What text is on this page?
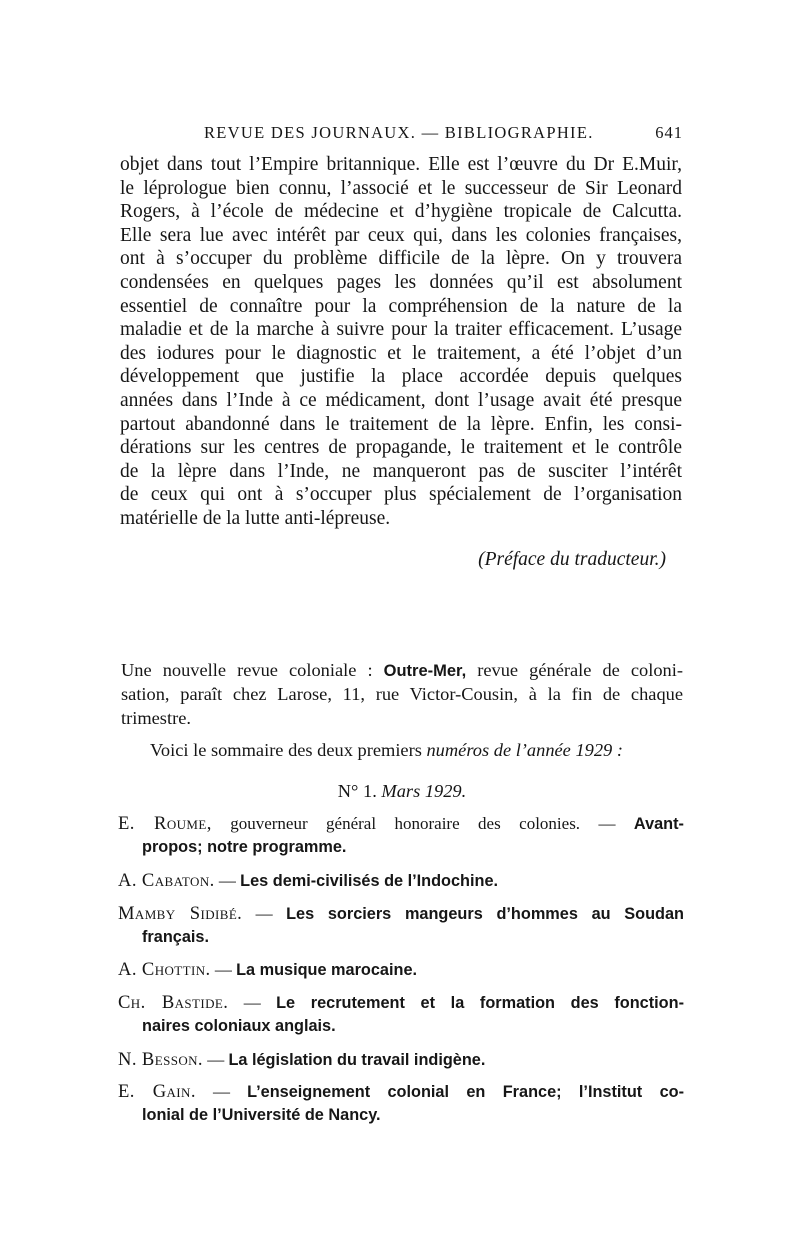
REVUE DES JOURNAUX. — BIBLIOGRAPHIE.	641
objet dans tout l’Empire britannique. Elle est l’œuvre du Dr E.Muir,
le léprologue bien connu, l’associé et le successeur de Sir Leonard
Rogers, à l’école de médecine et d’hygiène tropicale de Calcutta.
Elle sera lue avec intérêt par ceux qui, dans les colonies françaises,
ont à s’occuper du problème difficile de la lèpre. On y trouvera
condensées en quelques pages les données qu’il est absolument
essentiel de connaître pour la compréhension de la nature de la
maladie et de la marche à suivre pour la traiter efficacement. L’usage
des iodures pour le diagnostic et le traitement, a été l’objet d’un
développement que justifie la place accordée depuis quelques
années dans l’Inde à ce médicament, dont l’usage avait été presque
partout abandonné dans le traitement de la lèpre. Enfin, les consi-
dérations sur les centres de propagande, le traitement et le contrôle
de la lèpre dans l’Inde, ne manqueront pas de susciter l’intérêt
de ceux qui ont à s’occuper plus spécialement de l’organisation
matérielle de la lutte anti-lépreuse.
(Préface du traducteur.)
Une nouvelle revue coloniale : Outre-Mer, revue générale de coloni-
sation, paraît chez Larose, 11, rue Victor-Cousin, à la fin de chaque
trimestre.
Voici le sommaire des deux premiers numéros de l’année 1929 :
N° 1. Mars 1929.
E. Roume, gouverneur général honoraire des colonies. — Avant-
propos; notre programme.
A. Cabaton. — Les demi-civilisés de l’Indochine.
Mamby Sidibé. — Les sorciers mangeurs d’hommes au Soudan
français.
A. Chottin. — La musique marocaine.
Ch. Bastide. — Le recrutement et la formation des fonction-
naires coloniaux anglais.
N. Besson. — La législation du travail indigène.
E. Gain. — L’enseignement colonial en France; l’Institut co-
lonial de l’Université de Nancy.
